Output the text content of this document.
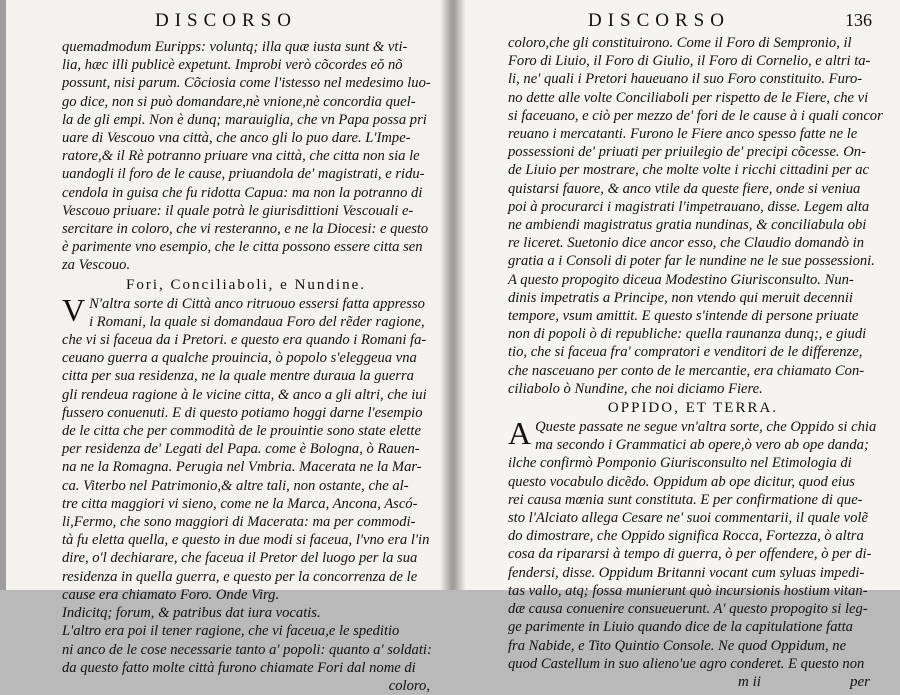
DISCORSO
quemadmodum Euripps: voluntq; illa quæ iusta sunt & vti-
lia, hæc illi publicè expetunt. Improbi verò cõcordes eŏ nõ
possunt, nisi parum. Cõciosia come l'istesso nel medesimo luo-
go dice, non si può domandare,nè vnione,nè concordia quel-
la de gli empi. Non è dunq; marauiglia, che vn Papa possa pri
uare di Vescouo vna città, che anco gli lo puo dare. L'Impe-
ratore,& il Rè potranno priuare vna città, che citta non sia le
uandogli il foro de le cause, priuandola de' magistrati, e ridu-
cendola in guisa che fu ridotta Capua: ma non la potranno di
Vescouo priuare: il quale potrà le giurisdittioni Vescouali e-
sercitare in coloro, che vi resteranno, e ne la Diocesi: e questo
è parimente vno esempio, che le citta possono essere citta sen
za Vescouo.
Fori, Conciliaboli, e Nundine.
V N'altra sorte di Città anco ritruouo essersi fatta appresso
i Romani, la quale si domandaua Foro del rẽder ragione,
che vi si faceua da i Pretori. e questo era quando i Romani fa-
ceuano guerra a qualche prouincia, ò popolo s'eleggeua vna
citta per sua residenza, ne la quale mentre duraua la guerra
gli rendeua ragione à le vicine citta, & anco a gli altri, che iui
fussero conuenuti. E di questo potiamo hoggi darne l'esempio
de le citta che per commodità de le prouintie sono state elette
per residenza de' Legati del Papa. come è Bologna, ò Rauen-
na ne la Romagna. Perugia nel Vmbria. Macerata ne la Mar-
ca. Viterbo nel Patrimonio,& altre tali, non ostante, che al-
tre citta maggiori vi sieno, come ne la Marca, Ancona, Ascó-
li,Fermo, che sono maggiori di Macerata: ma per commodi-
tà fu eletta quella, e questo in due modi si faceua, l'vno era l'in
dire, o'l dechiarare, che faceua il Pretor del luogo per la sua
residenza in quella guerra, e questo per la concorrenza de le
cause era chiamato Foro. Onde Virg.
Indicitq; forum, & patribus dat iura vocatis.
L'altro era poi il tener ragione, che vi faceua,e le speditio
ni anco de le cose necessarie tanto a' popoli: quanto a' soldati:
da questo fatto molte città furono chiamate Fori dal nome di
coloro,
DISCORSO	136
coloro,che gli constituirono. Come il Foro di Sempronio, il
Foro di Liuio, il Foro di Giulio, il Foro di Cornelio, e altri ta-
li, ne' quali i Pretori haueuano il suo Foro constituito. Furo-
no dette alle volte Conciliaboli per rispetto de le Fiere, che vi
si faceuano, e ciò per mezzo de' fori de le cause à i quali concor
reuano i mercatanti. Furono le Fiere anco spesso fatte ne le
possessioni de' priuati per priuilegio de' precipi cõcesse. On-
de Liuio per mostrare, che molte volte i ricchi cittadini per ac
quistarsi fauore, & anco vtile da queste fiere, onde si veniua
poi à procurarci i magistrati l'impetrauano, disse. Legem alta
ne ambiendi magistratus gratia nundinas, & conciliabula obi
re liceret. Suetonio dice ancor esso, che Claudio domandò in
gratia a i Consoli di poter far le nundine ne le sue possessioni.
A questo propogito diceua Modestino Giurisconsulto. Nun-
dinis impetratis a Principe, non vtendo qui meruit decennii
tempore, vsum amittit. E questo s'intende di persone priuate
non di popoli ò di republiche: quella raunanza dunq;, e giudi
tio, che si faceua fra' compratori e venditori de le differenze,
che nasceuano per conto de le mercantie, era chiamato Con-
ciliabolo ò Nundine, che noi diciamo Fiere.
OPPIDO, ET TERRA.
A Queste passate ne segue vn'altra sorte, che Oppido si chia
ma secondo i Grammatici ab opere,ò vero ab ope danda;
ilche confirmò Pomponio Giurisconsulto nel Etimologia di
questo vocabulo dicẽdo. Oppidum ab ope dicitur, quod eius
rei causa mœnia sunt constituta. E per confirmatione di que-
sto l'Alciato allega Cesare ne' suoi commentarii, il quale volẽ
do dimostrare, che Oppido significa Rocca, Fortezza, ò altra
cosa da ripararsi à tempo di guerra, ò per offendere, ò per di-
fendersi, disse. Oppidum Britanni vocant cum syluas impedi-
tas vallo, atq; fossa munierunt quò incursionis hostium vitan-
dæ causa conuenire consueuerunt. A' questo propogito si leg-
ge parimente in Liuio quando dice de la capitulatione fatta
fra Nabide, e Tito Quintio Console. Ne quod Oppidum, ne
quod Castellum in suo alieno'ue agro conderet. E questo non
m ii	per
